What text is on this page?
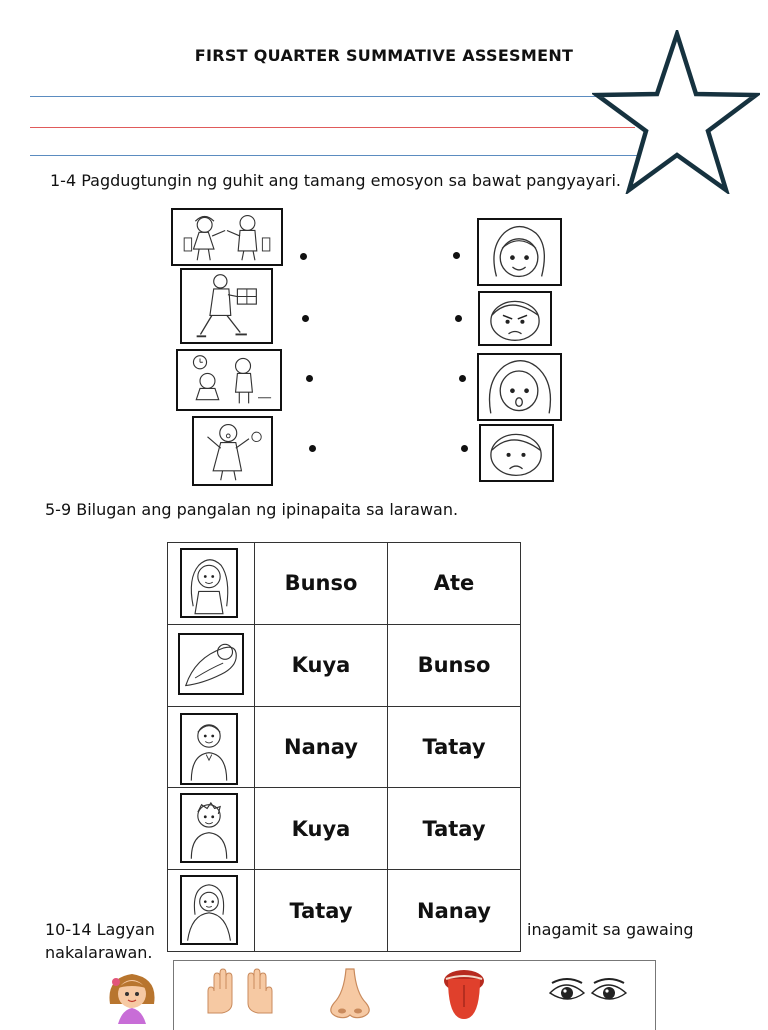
FIRST QUARTER SUMMATIVE ASSESMENT
1-4 Pagdugtungin ng guhit ang tamang emosyon sa bawat pangyayari.
5-9 Bilugan ang pangalan ng ipinapaita sa larawan.
	Bunso	Ate

	Kuya	Bunso

	Nanay	Tatay

	Kuya	Tatay

	Tatay	Nanay
10-14 Lagyan	inagamit sa gawaing
nakalarawan.
